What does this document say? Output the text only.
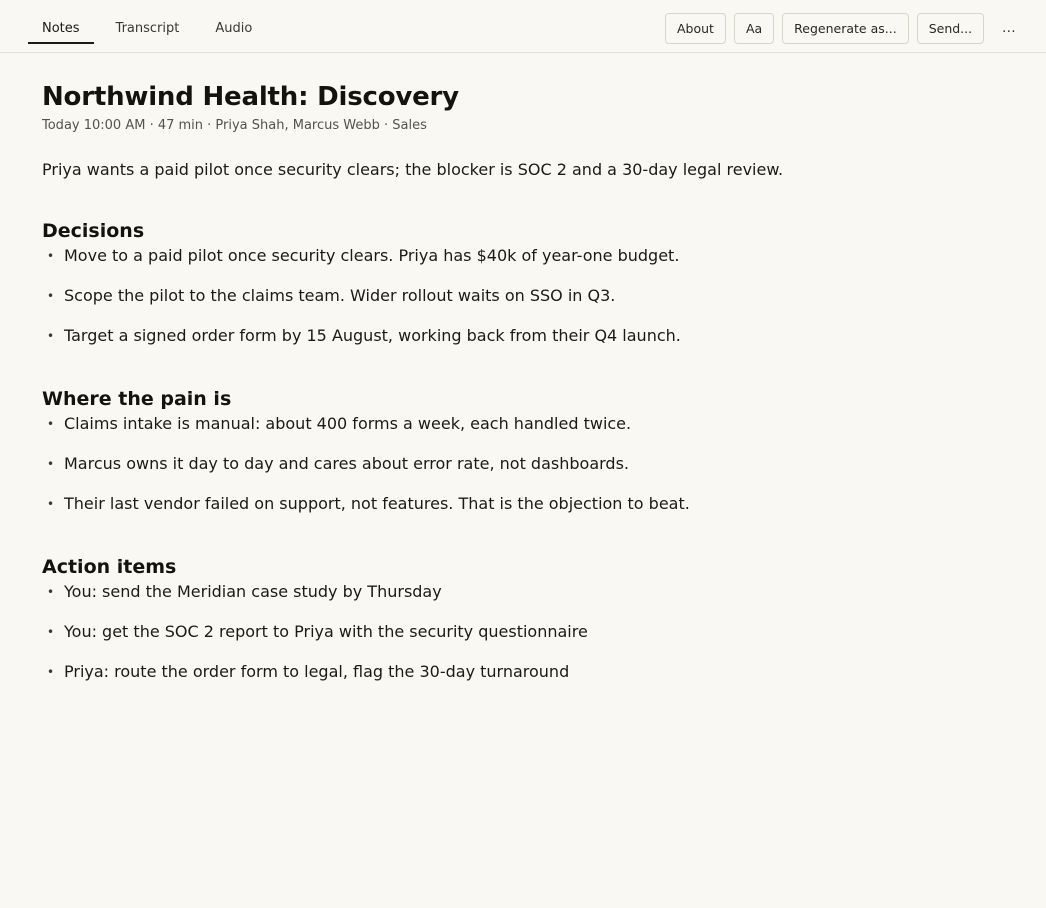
Notes	Transcript	Audio	About	Aa	Regenerate as...	Send...	...
Northwind Health: Discovery
Today 10:00 AM · 47 min · Priya Shah, Marcus Webb · Sales
Priya wants a paid pilot once security clears; the blocker is SOC 2 and a 30-day legal review.
Decisions
• Move to a paid pilot once security clears. Priya has $40k of year-one budget.
• Scope the pilot to the claims team. Wider rollout waits on SSO in Q3.
• Target a signed order form by 15 August, working back from their Q4 launch.
Where the pain is
• Claims intake is manual: about 400 forms a week, each handled twice.
• Marcus owns it day to day and cares about error rate, not dashboards.
• Their last vendor failed on support, not features. That is the objection to beat.
Action items
• You: send the Meridian case study by Thursday
• You: get the SOC 2 report to Priya with the security questionnaire
• Priya: route the order form to legal, flag the 30-day turnaround
